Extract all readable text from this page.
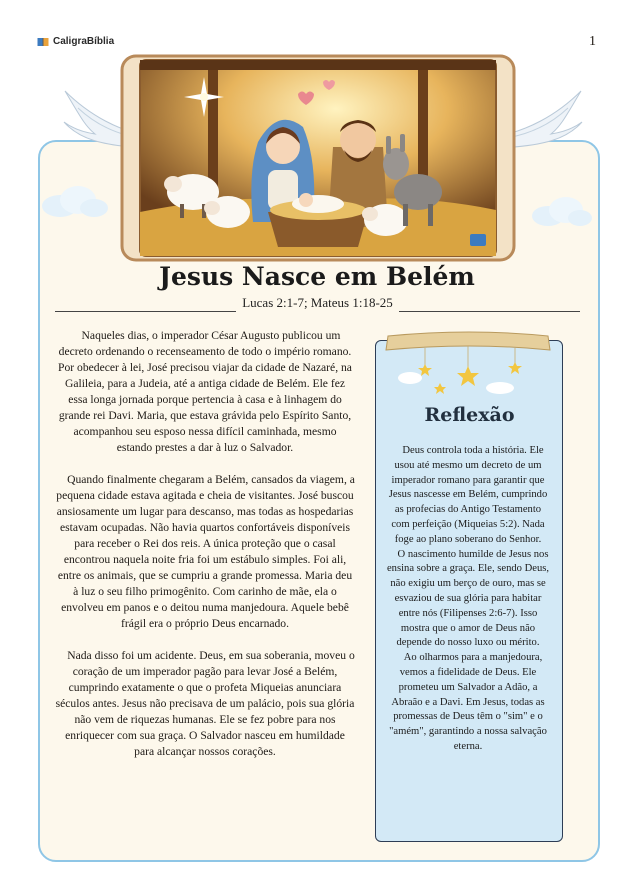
CaligraBíblia	1
Jesus Nasce em Belém
Lucas 2:1-7; Mateus 1:18-25

Naqueles dias, o imperador César Augusto publicou um decreto ordenando o recenseamento de todo o império romano. Por obedecer à lei, José precisou viajar da cidade de Nazaré, na Galileia, para a Judeia, até a antiga cidade de Belém. Ele fez essa longa jornada porque pertencia à casa e à linhagem do grande rei Davi. Maria, que estava grávida pelo Espírito Santo, acompanhou seu esposo nessa difícil caminhada, mesmo estando prestes a dar à luz o Salvador.

Quando finalmente chegaram a Belém, cansados da viagem, a pequena cidade estava agitada e cheia de visitantes. José buscou ansiosamente um lugar para descanso, mas todas as hospedarias estavam ocupadas. Não havia quartos confortáveis disponíveis para receber o Rei dos reis. A única proteção que o casal encontrou naquela noite fria foi um estábulo simples. Foi ali, entre os animais, que se cumpriu a grande promessa. Maria deu à luz o seu filho primogênito. Com carinho de mãe, ela o envolveu em panos e o deitou numa manjedoura. Aquele bebê frágil era o próprio Deus encarnado.

Nada disso foi um acidente. Deus, em sua soberania, moveu o coração de um imperador pagão para levar José a Belém, cumprindo exatamente o que o profeta Miqueias anunciara séculos antes. Jesus não precisava de um palácio, pois sua glória não vem de riquezas humanas. Ele se fez pobre para nos enriquecer com sua graça. O Salvador nasceu em humildade para alcançar nossos corações.

Reflexão

Deus controla toda a história. Ele usou até mesmo um decreto de um imperador romano para garantir que Jesus nascesse em Belém, cumprindo as profecias do Antigo Testamento com perfeição (Miqueias 5:2). Nada foge ao plano soberano do Senhor.

O nascimento humilde de Jesus nos ensina sobre a graça. Ele, sendo Deus, não exigiu um berço de ouro, mas se esvaziou de sua glória para habitar entre nós (Filipenses 2:6-7). Isso mostra que o amor de Deus não depende do nosso luxo ou mérito.

Ao olharmos para a manjedoura, vemos a fidelidade de Deus. Ele prometeu um Salvador a Adão, a Abraão e a Davi. Em Jesus, todas as promessas de Deus têm o "sim" e o "amém", garantindo a nossa salvação eterna.
